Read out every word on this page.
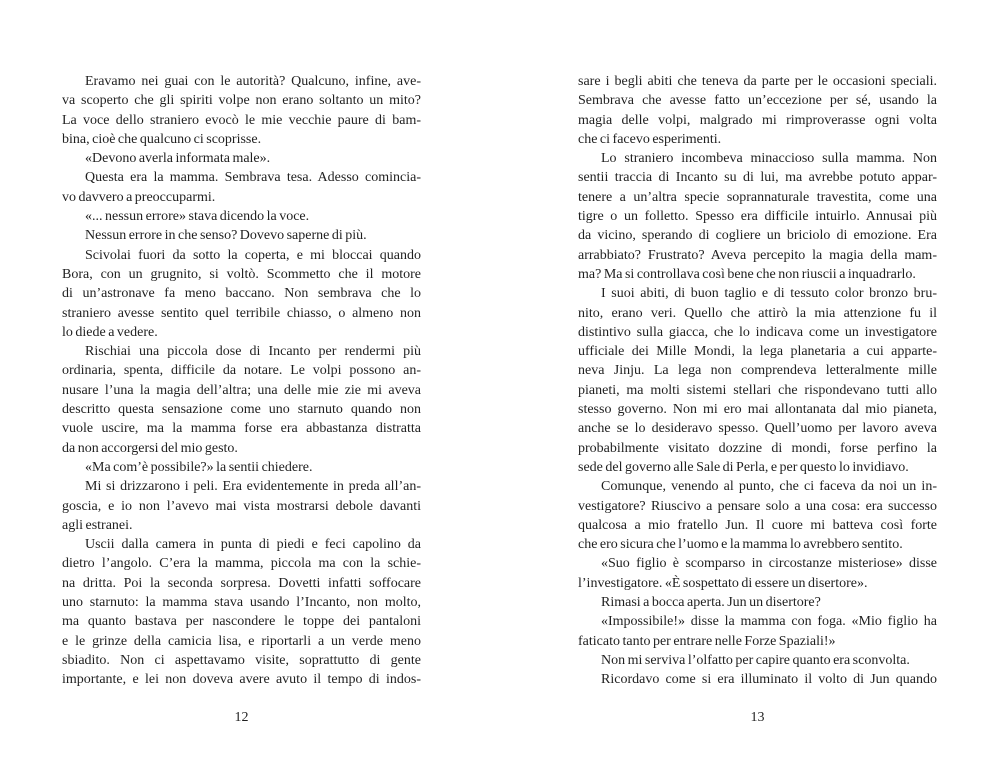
Eravamo nei guai con le autorità? Qualcuno, infine, ave-
va scoperto che gli spiriti volpe non erano soltanto un mito?
La voce dello straniero evocò le mie vecchie paure di bam-
bina, cioè che qualcuno ci scoprisse.
«Devono averla informata male».
Questa era la mamma. Sembrava tesa. Adesso comincia-
vo davvero a preoccuparmi.
«... nessun errore» stava dicendo la voce.
Nessun errore in che senso? Dovevo saperne di più.
Scivolai fuori da sotto la coperta, e mi bloccai quando
Bora, con un grugnito, si voltò. Scommetto che il motore
di un’astronave fa meno baccano. Non sembrava che lo
straniero avesse sentito quel terribile chiasso, o almeno non
lo diede a vedere.
Rischiai una piccola dose di Incanto per rendermi più
ordinaria, spenta, difficile da notare. Le volpi possono an-
nusare l’una la magia dell’altra; una delle mie zie mi aveva
descritto questa sensazione come uno starnuto quando non
vuole uscire, ma la mamma forse era abbastanza distratta
da non accorgersi del mio gesto.
«Ma com’è possibile?» la sentii chiedere.
Mi si drizzarono i peli. Era evidentemente in preda all’an-
goscia, e io non l’avevo mai vista mostrarsi debole davanti
agli estranei.
Uscii dalla camera in punta di piedi e feci capolino da
dietro l’angolo. C’era la mamma, piccola ma con la schie-
na dritta. Poi la seconda sorpresa. Dovetti infatti soffocare
uno starnuto: la mamma stava usando l’Incanto, non molto,
ma quanto bastava per nascondere le toppe dei pantaloni
e le grinze della camicia lisa, e riportarli a un verde meno
sbiadito. Non ci aspettavamo visite, soprattutto di gente
importante, e lei non doveva avere avuto il tempo di indos-
sare i begli abiti che teneva da parte per le occasioni speciali.
Sembrava che avesse fatto un’eccezione per sé, usando la
magia delle volpi, malgrado mi rimproverasse ogni volta
che ci facevo esperimenti.
Lo straniero incombeva minaccioso sulla mamma. Non
sentii traccia di Incanto su di lui, ma avrebbe potuto appar-
tenere a un’altra specie soprannaturale travestita, come una
tigre o un folletto. Spesso era difficile intuirlo. Annusai più
da vicino, sperando di cogliere un briciolo di emozione. Era
arrabbiato? Frustrato? Aveva percepito la magia della mam-
ma? Ma si controllava così bene che non riuscii a inquadrarlo.
I suoi abiti, di buon taglio e di tessuto color bronzo bru-
nito, erano veri. Quello che attirò la mia attenzione fu il
distintivo sulla giacca, che lo indicava come un investigatore
ufficiale dei Mille Mondi, la lega planetaria a cui apparte-
neva Jinju. La lega non comprendeva letteralmente mille
pianeti, ma molti sistemi stellari che rispondevano tutti allo
stesso governo. Non mi ero mai allontanata dal mio pianeta,
anche se lo desideravo spesso. Quell’uomo per lavoro aveva
probabilmente visitato dozzine di mondi, forse perfino la
sede del governo alle Sale di Perla, e per questo lo invidiavo.
Comunque, venendo al punto, che ci faceva da noi un in-
vestigatore? Riuscivo a pensare solo a una cosa: era successo
qualcosa a mio fratello Jun. Il cuore mi batteva così forte
che ero sicura che l’uomo e la mamma lo avrebbero sentito.
«Suo figlio è scomparso in circostanze misteriose» disse
l’investigatore. «È sospettato di essere un disertore».
Rimasi a bocca aperta. Jun un disertore?
«Impossibile!» disse la mamma con foga. «Mio figlio ha
faticato tanto per entrare nelle Forze Spaziali!»
Non mi serviva l’olfatto per capire quanto era sconvolta.
Ricordavo come si era illuminato il volto di Jun quando
12	13
